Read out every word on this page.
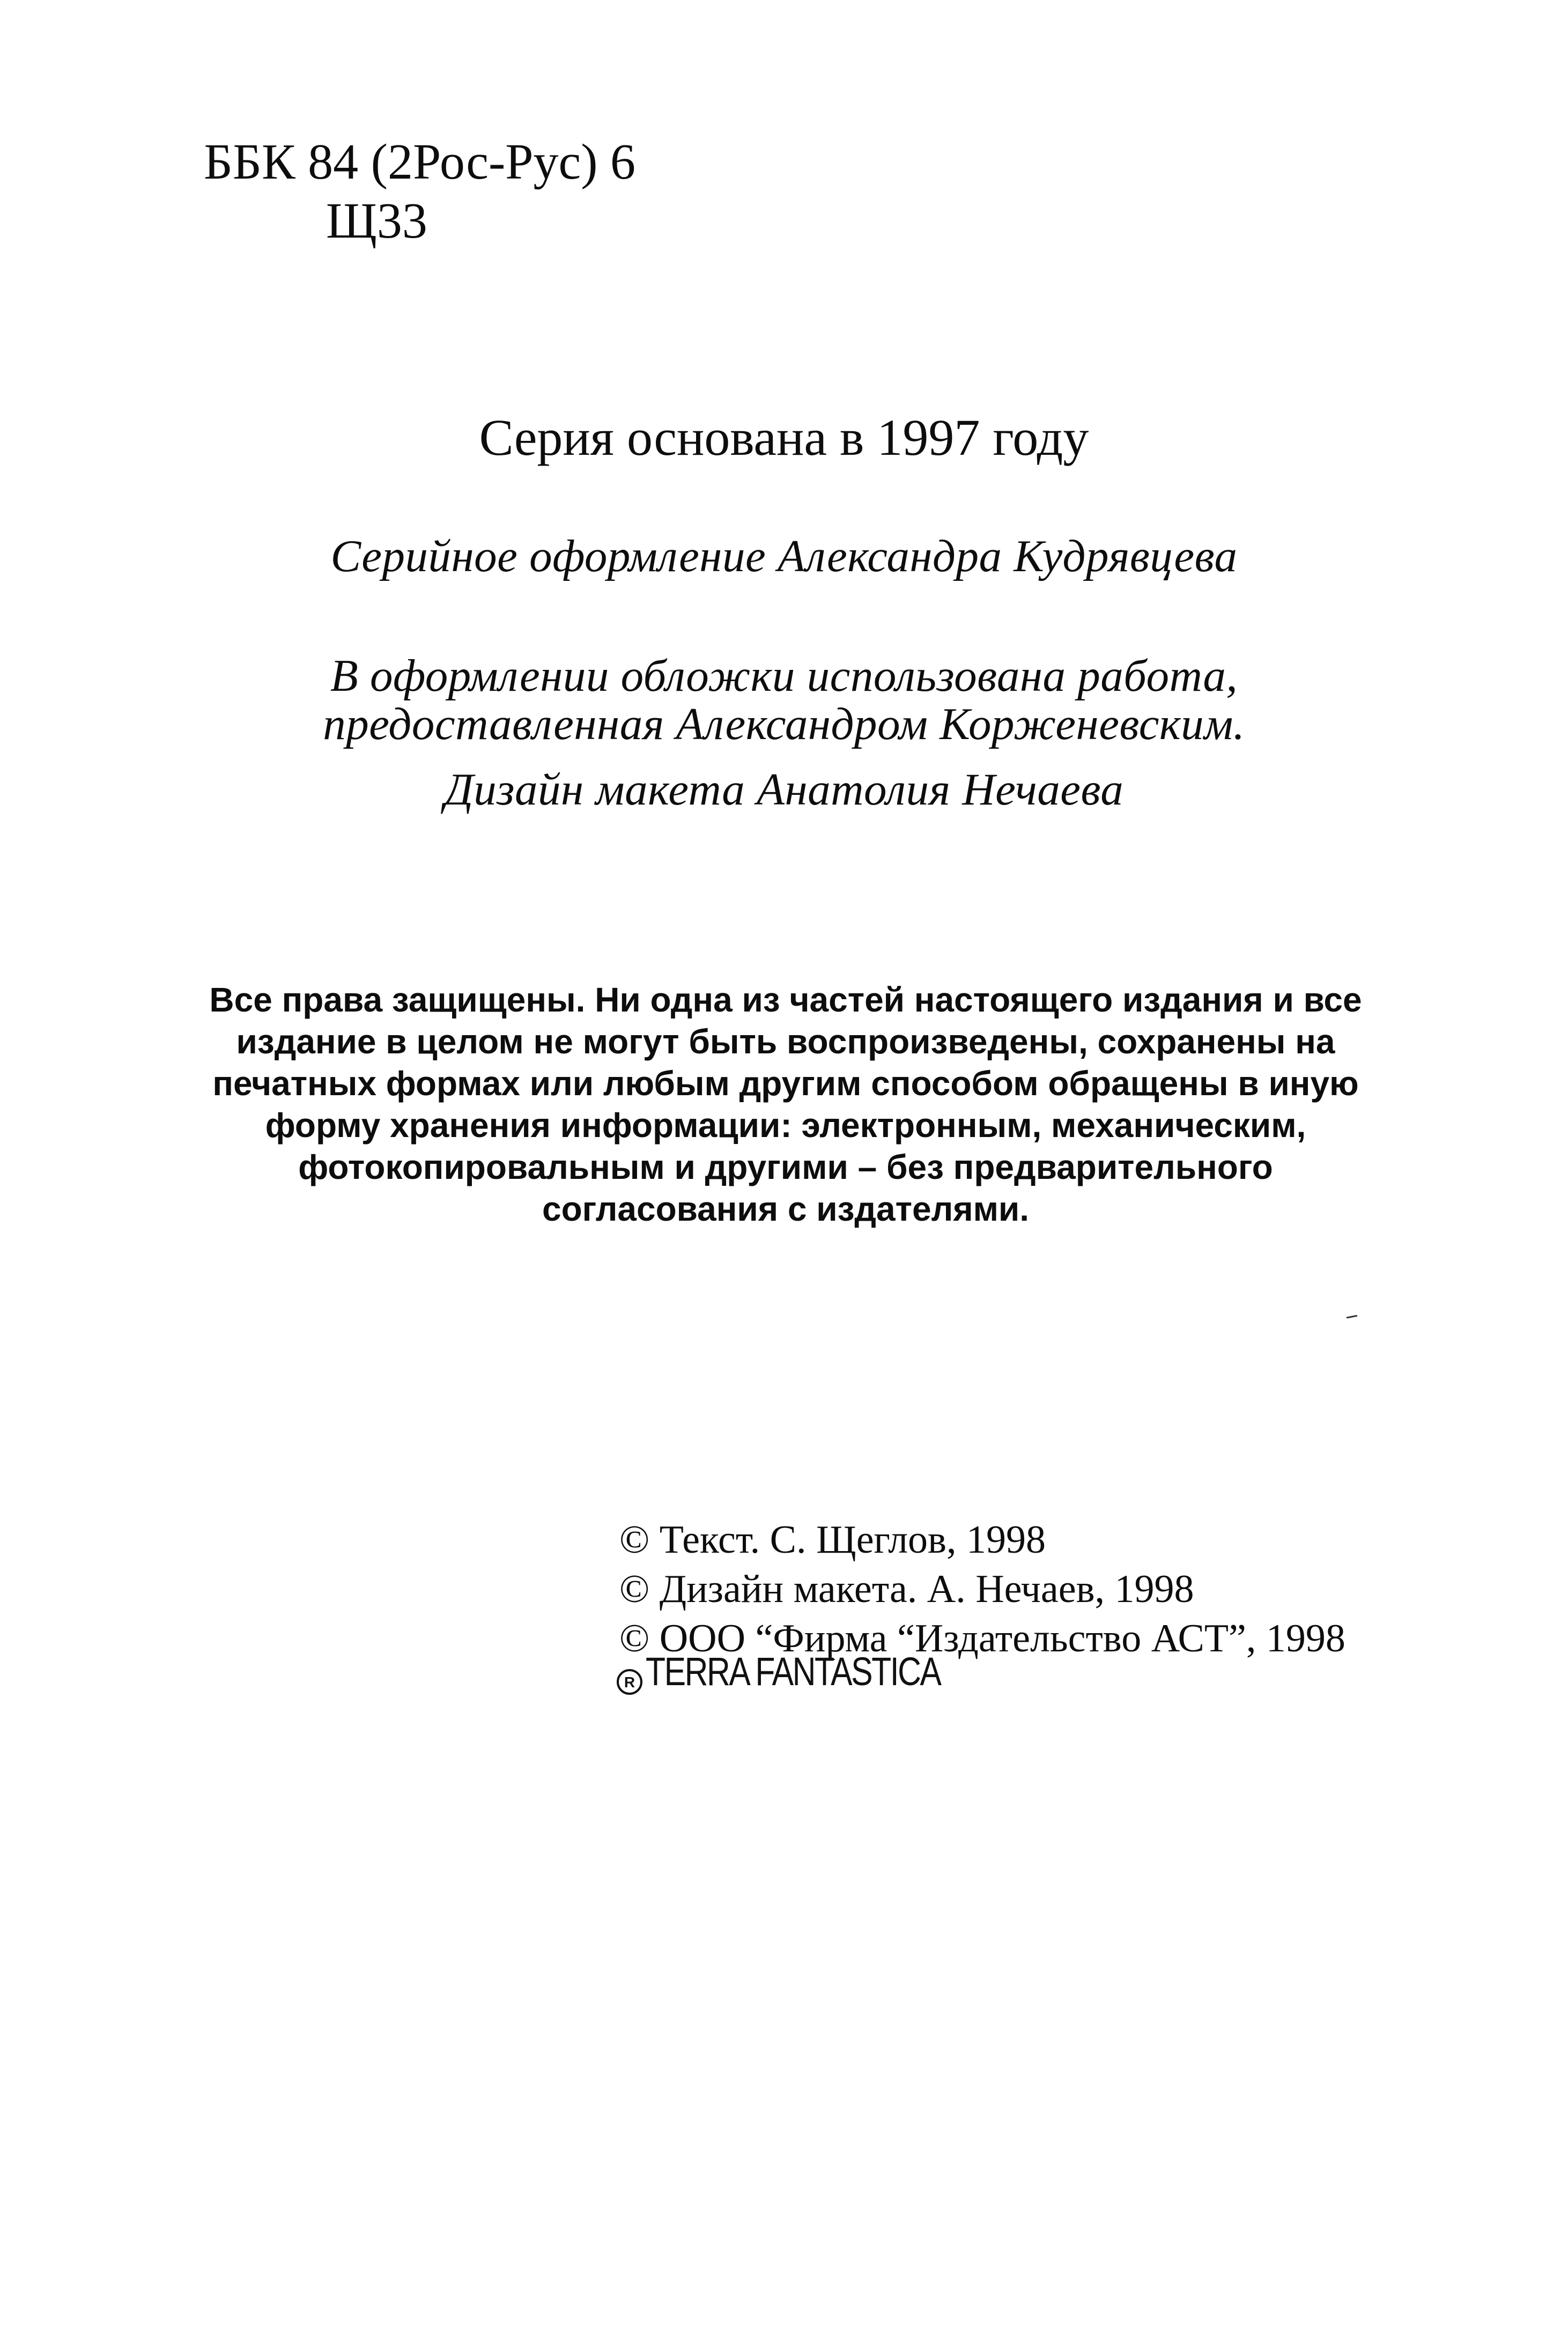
ББК 84 (2Рос-Рус) 6
Щ33
Серия основана в 1997 году
Серийное оформление Александра Кудрявцева
В оформлении обложки использована работа,
предоставленная Александром Корженевским.
Дизайн макета Анатолия Нечаева
Все права защищены. Ни одна из частей настоящего издания и все
издание в целом не могут быть воспроизведены, сохранены на
печатных формах или любым другим способом обращены в иную
форму хранения информации: электронным, механическим,
фотокопировальным и другими – без предварительного
согласования с издателями.
© Текст. С. Щеглов, 1998
© Дизайн макета. А. Нечаев, 1998
© ООО “Фирма “Издательство АСТ”, 1998
R TERRA FANTASTICA
